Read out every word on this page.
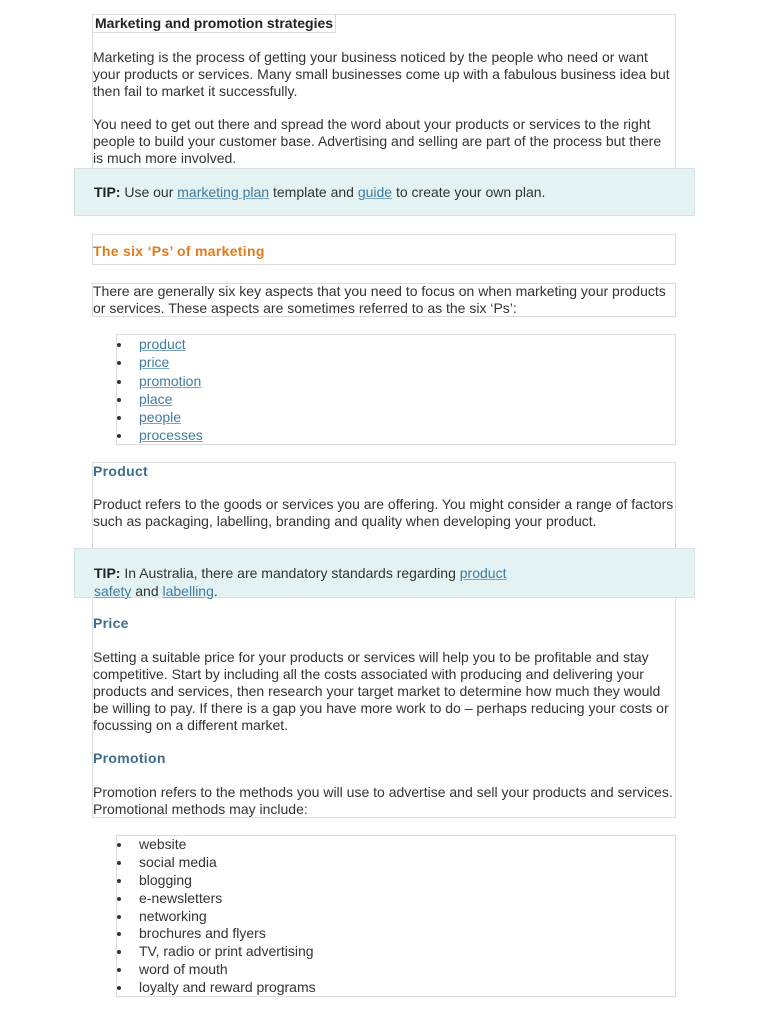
Marketing and promotion strategies

Marketing is the process of getting your business noticed by the people who need or want your products or services. Many small businesses come up with a fabulous business idea but then fail to market it successfully.

You need to get out there and spread the word about your products or services to the right people to build your customer base. Advertising and selling are part of the process but there is much more involved.

TIP: Use our marketing plan template and guide to create your own plan.
The six ‘Ps’ of marketing

There are generally six key aspects that you need to focus on when marketing your products or services. These aspects are sometimes referred to as the six ‘Ps’:

product
price
promotion
place
people
processes
Product

Product refers to the goods or services you are offering. You might consider a range of factors such as packaging, labelling, branding and quality when developing your product.

TIP: In Australia, there are mandatory standards regarding product
safety and labelling.
Price

Setting a suitable price for your products or services will help you to be profitable and stay competitive. Start by including all the costs associated with producing and delivering your products and services, then research your target market to determine how much they would be willing to pay. If there is a gap you have more work to do – perhaps reducing your costs or focussing on a different market.

Promotion

Promotion refers to the methods you will use to advertise and sell your products and services. Promotional methods may include:

website
social media
blogging
e-newsletters
networking
brochures and flyers
TV, radio or print advertising
word of mouth
loyalty and reward programs
